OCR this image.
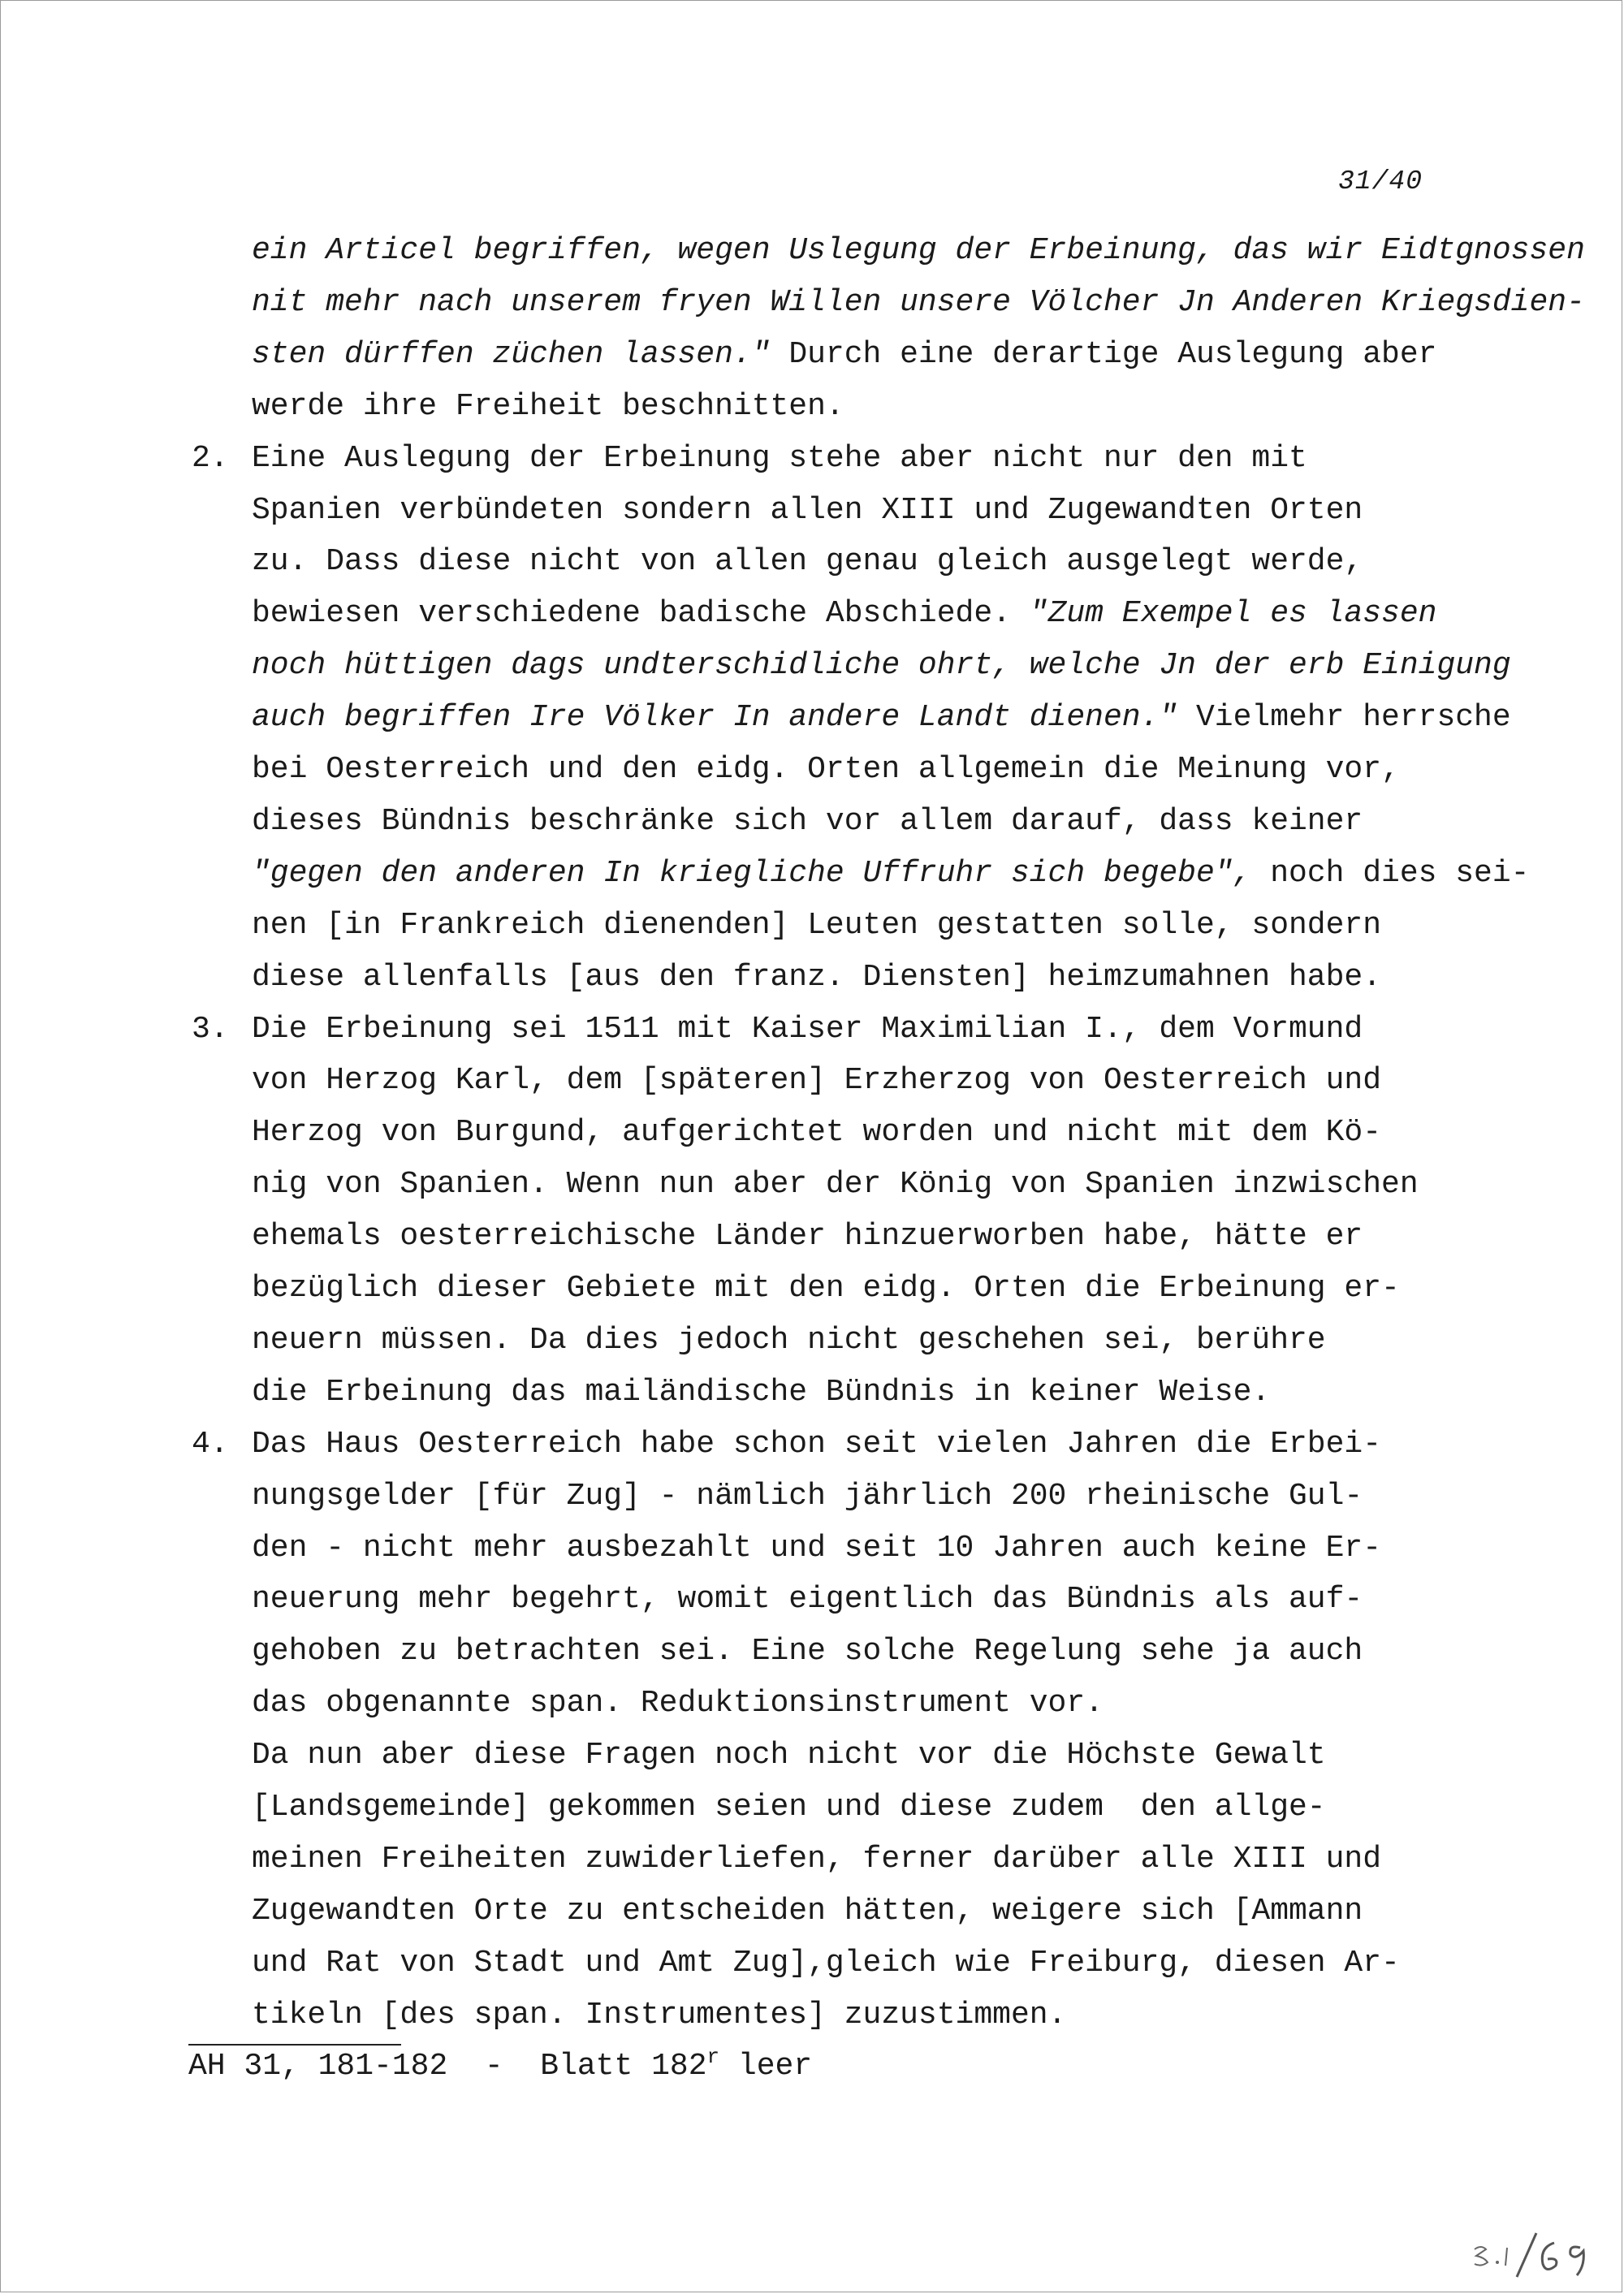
31/40
ein Articel begriffen, wegen Uslegung der Erbeinung, das wir Eidtgnossen
nit mehr nach unserem fryen Willen unsere Völcher Jn Anderen Kriegsdien-
sten dürffen züchen lassen." Durch eine derartige Auslegung aber
werde ihre Freiheit beschnitten.
2. Eine Auslegung der Erbeinung stehe aber nicht nur den mit
Spanien verbündeten sondern allen XIII und Zugewandten Orten
zu. Dass diese nicht von allen genau gleich ausgelegt werde,
bewiesen verschiedene badische Abschiede. "Zum Exempel es lassen
noch hüttigen dags undterschidliche ohrt, welche Jn der erb Einigung
auch begriffen Ire Völker In andere Landt dienen." Vielmehr herrsche
bei Oesterreich und den eidg. Orten allgemein die Meinung vor,
dieses Bündnis beschränke sich vor allem darauf, dass keiner
"gegen den anderen In kriegliche Uffruhr sich begebe", noch dies sei-
nen [in Frankreich dienenden] Leuten gestatten solle, sondern
diese allenfalls [aus den franz. Diensten] heimzumahnen habe.
3. Die Erbeinung sei 1511 mit Kaiser Maximilian I., dem Vormund
von Herzog Karl, dem [späteren] Erzherzog von Oesterreich und
Herzog von Burgund, aufgerichtet worden und nicht mit dem Kö-
nig von Spanien. Wenn nun aber der König von Spanien inzwischen
ehemals oesterreichische Länder hinzuerworben habe, hätte er
bezüglich dieser Gebiete mit den eidg. Orten die Erbeinung er-
neuern müssen. Da dies jedoch nicht geschehen sei, berühre
die Erbeinung das mailändische Bündnis in keiner Weise.
4. Das Haus Oesterreich habe schon seit vielen Jahren die Erbei-
nungsgelder [für Zug] - nämlich jährlich 200 rheinische Gul-
den - nicht mehr ausbezahlt und seit 10 Jahren auch keine Er-
neuerung mehr begehrt, womit eigentlich das Bündnis als auf-
gehoben zu betrachten sei. Eine solche Regelung sehe ja auch
das obgenannte span. Reduktionsinstrument vor.
Da nun aber diese Fragen noch nicht vor die Höchste Gewalt
[Landsgemeinde] gekommen seien und diese zudem  den allge-
meinen Freiheiten zuwiderliefen, ferner darüber alle XIII und
Zugewandten Orte zu entscheiden hätten, weigere sich [Ammann
und Rat von Stadt und Amt Zug],gleich wie Freiburg, diesen Ar-
tikeln [des span. Instrumentes] zuzustimmen.
AH 31, 181-182  -  Blatt 182$^r$ leer
